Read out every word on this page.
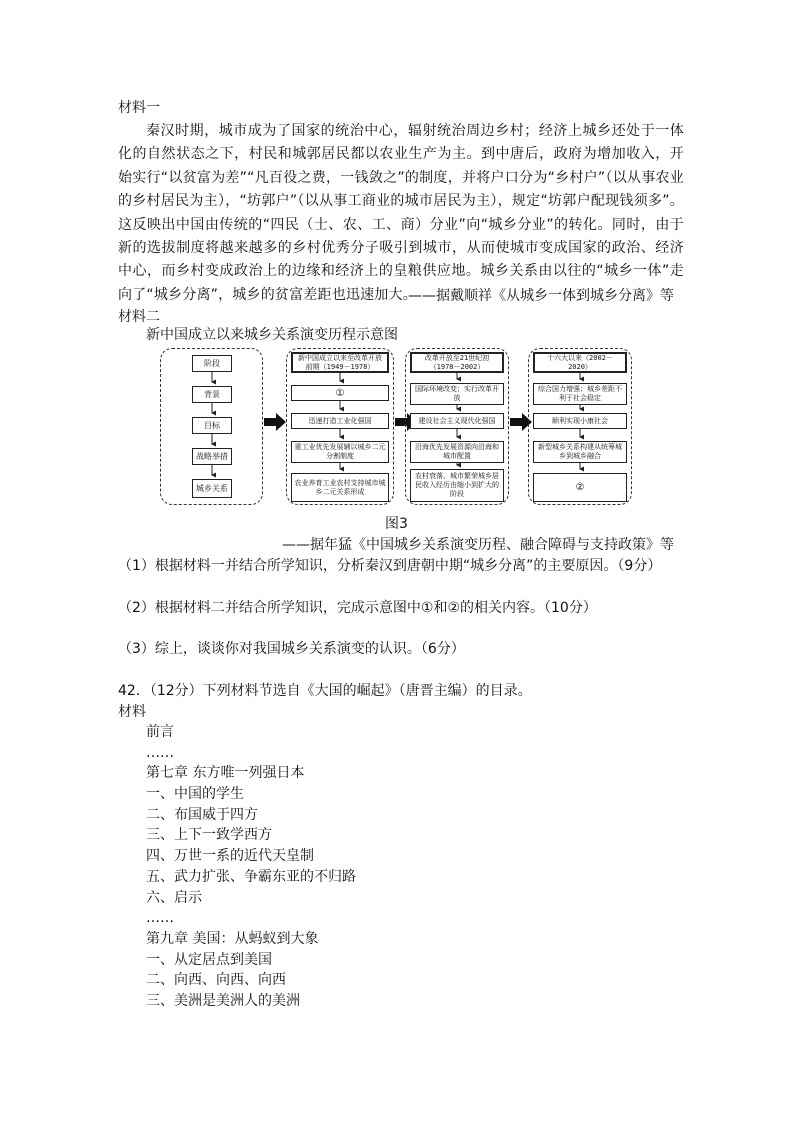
材料一
秦汉时期，城市成为了国家的统治中心，辐射统治周边乡村；经济上城乡还处于一体化的自然状态之下，村民和城郭居民都以农业生产为主。到中唐后，政府为增加收入，开始实行“以贫富为差”“凡百役之费，一钱敛之”的制度，并将户口分为“乡村户”（以从事农业的乡村居民为主），“坊郭户”（以从事工商业的城市居民为主），规定“坊郭户配现钱须多”。这反映出中国由传统的“四民（士、农、工、商）分业”向“城乡分业”的转化。同时，由于新的选拔制度将越来越多的乡村优秀分子吸引到城市，从而使城市变成国家的政治、经济中心，而乡村变成政治上的边缘和经济上的皇粮供应地。城乡关系由以往的“城乡一体”走向了“城乡分离”，城乡的贫富差距也迅速加大。
——据戴顺祥《从城乡一体到城乡分离》等
材料二
新中国成立以来城乡关系演变历程示意图
阶段
背景
目标
战略举措
城乡关系
新中国成立以来至改革开放前期（1949－1978）
①
迅速打造工业化强国
重工业优先发展辅以城乡二元分割制度
农业养育工业农村支持城市城乡二元关系形成
改革开放至21世纪初（1978－2002）
国际环境改变；实行改革开放
建设社会主义现代化强国
沿海优先发展资源向沿海和城市配置
农村衰落、城市繁荣城乡居民收入经历由缩小到扩大的阶段
十六大以来（2002－2020）
综合国力增强；城乡差距不利于社会稳定
顺利实现小康社会
新型城乡关系构建从统筹城乡到城乡融合
②
图3
——据年猛《中国城乡关系演变历程、融合障碍与支持政策》等
（1）根据材料一并结合所学知识，分析秦汉到唐朝中期“城乡分离”的主要原因。（9分）
（2）根据材料二并结合所学知识，完成示意图中①和②的相关内容。（10分）
（3）综上，谈谈你对我国城乡关系演变的认识。（6分）
42．（12分）下列材料节选自《大国的崛起》（唐晋主编）的目录。
材料
前言
……
第七章 东方唯一列强日本
一、中国的学生
二、布国威于四方
三、上下一致学西方
四、万世一系的近代天皇制
五、武力扩张、争霸东亚的不归路
六、启示
……
第九章 美国：从蚂蚁到大象
一、从定居点到美国
二、向西、向西、向西
三、美洲是美洲人的美洲
